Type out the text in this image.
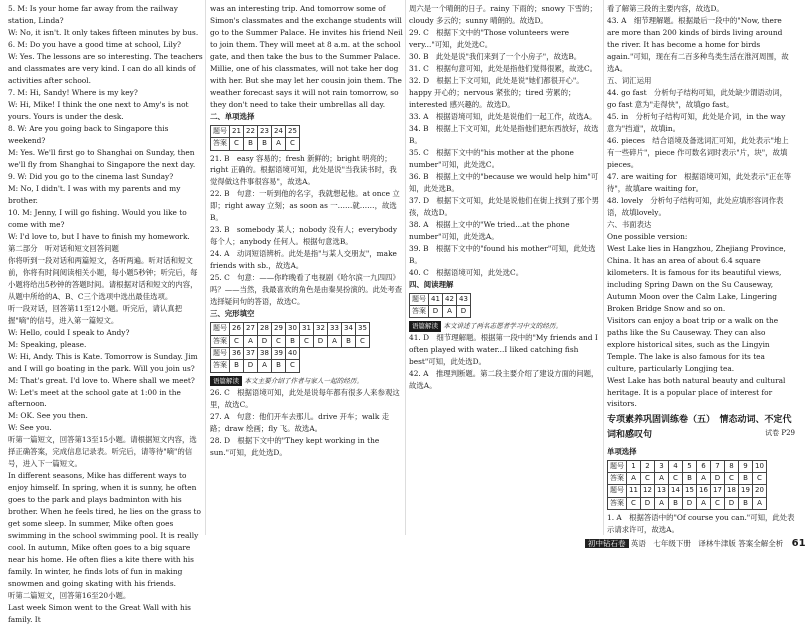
5. M: Is your home far away from the railway station, Linda?

W: No, it isn't. It only takes fifteen minutes by bus.

6. M: Do you have a good time at school, Lily?

W: Yes. The lessons are so interesting. The teachers and classmates are very kind. I can do all kinds of activities after school.

7. M: Hi, Sandy! Where is my key?

W: Hi, Mike! I think the one next to Amy's is not yours. Yours is under the desk.

8. W: Are you going back to Singapore this weekend?

M: Yes. We'll first go to Shanghai on Sunday, then we'll fly from Shanghai to Singapore the next day.

9. W: Did you go to the cinema last Sunday?

M: No, I didn't. I was with my parents and my brother.

10. M: Jenny, I will go fishing. Would you like to come with me?

W: I'd love to, but I have to finish my homework.

第二部分　听对话和短文回答问题

你将听到一段对话和两篇短文，各听两遍。听对话和短文前，你将有时间阅读相关小题，每小题5秒钟；听完后，每小题将给出5秒钟的答题时间。请根据对话和短文的内容，从题中所给的A、B、C三个选项中选出最佳选项。

听一段对话，回答第11至12小题。听完后，请认真把握"嘀"的信号，进入第一篇短文。

W: Hello, could I speak to Andy?

M: Speaking, please.

W: Hi, Andy. This is Kate. Tomorrow is Sunday. Jim and I will go boating in the park. Will you join us?

M: That's great. I'd love to. Where shall we meet?

W: Let's meet at the school gate at 1:00 in the afternoon.

M: OK. See you then.

W: See you.

听第一篇短文，回答第13至15小题。请根据短文内容，选择正确答案，完成信息记录表。听完后，请等待"嘀"的信号，进入下一篇短文。

In different seasons, Mike has different ways to enjoy himself. In spring, when it is sunny, he often goes to the park and plays badminton with his brother. When he feels tired, he lies on the grass to get some sleep. In summer, Mike often goes swimming in the school swimming pool. It is really cool. In autumn, Mike often goes to a big square near his home. He often flies a kite there with his family. In winter, he finds lots of fun in making snowmen and going skating with his friends.

听第二篇短文，回答第16至20小题。

Last week Simon went to the Great Wall with his family. It

was an interesting trip. And tomorrow some of Simon's classmates and the exchange students will go to the Summer Palace. He invites his friend Neil to join them. They will meet at 8 a.m. at the school gate, and then take the bus to the Summer Palace. Millie, one of his classmates, will not take her dog with her. But she may let her cousin join them. The weather forecast says it will not rain tomorrow, so they don't need to take their umbrellas all day.

二、单项选择

题号	21	22	23	24	25
答案	C	B	B	A	C

21. B　easy 容易的；fresh 新鲜的；bright 明亮的；right 正确的。根据语境可知，此处是说"当我读书时，我觉得做这件事很容易"，故选A。

22. B　句意：一听到他的名字，我就想起他。at once 立即；right away 立刻；as soon as 一……就……，故选B。

23. B　somebody 某人；nobody 没有人；everybody 每个人；anybody 任何人。根据句意选B。

24. A　动词短语辨析。此处是指"与某人交朋友"，make friends with sb.，故选A。

25. C　句意：——你昨晚看了电视剧《哈尔滨一九四四》吗？——当然，我最喜欢的角色是由秦昊扮演的。此处考查选择疑问句的答语，故选C。

三、完形填空

题号	26	27	28	29	30	31	32	33	34	35
答案	C	A	D	C	B	C	D	A	B	C
题号	36	37	38	39	40					
答案	B	D	A	B	C					

语篇解读 本文主要介绍了作者与家人一起的经历。

26. C　根据语境可知，此处是说每年都有很多人来参观这里，故选C。

27. A　句意：他们开车去那儿。drive 开车；walk 走路；draw 绘画；fly 飞。故选A。

28. D　根据下文中的"They kept working in the sun."可知，此处选D。

周六是一个晴朗的日子。rainy 下雨的；snowy 下雪的；cloudy 多云的；sunny 晴朗的。故选D。

29. C　根据下文中的"Those volunteers were very..."可知，此处选C。

30. B　此处是说"我们来到了一个小房子"，故选B。

31. C　根据句意可知，此处是指他们觉得很累，故选C。

32. D　根据上下文可知，此处是说"她们都很开心"。happy 开心的；nervous 紧张的；tired 劳累的；interested 感兴趣的。故选D。

33. A　根据语境可知，此处是说他们一起工作，故选A。

34. B　根据上下文可知，此处是指他们把东西放好，故选B。

35. C　根据下文中的"his mother at the phone number"可知，此处选C。

36. B　根据上文中的"because we would help him"可知，此处选B。

37. D　根据下文可知，此处是说他们在街上找到了那个男孩，故选D。

38. A　根据上文中的"We tried...at the phone number"可知，此处选A。

39. B　根据下文中的"found his mother"可知，此处选B。

40. C　根据语境可知，此处选C。

四、阅读理解

题号	41	42	43
答案	D	A	D

语篇解读 本文讲述了两名志愿者学习中文的经历。

41. D　细节理解题。根据第一段中的"My friends and I often played with water...I liked catching fish best"可知，此处选D。

42. A　推理判断题。第二段主要介绍了建设方面的问题，故选A。

看了解第三段的主要内容，故选D。

43. A　细节理解题。根据最后一段中的"Now, there are more than 200 kinds of birds living around the river. It has become a home for birds again."可知，现在有二百多种鸟类生活在淮河周围，故选A。

五、词汇运用

44. go fast　分析句子结构可知，此处缺少谓语动词，go fast 意为"走得快"，故填go fast。

45. in　分析句子结构可知，此处是介词，in the way 意为"挡道"，故填in。

46. pieces　结合语境及备选词汇可知，此处表示"地上有一些碎片"，piece 作可数名词时表示"片，块"，故填pieces。

47. are waiting for　根据语境可知，此处表示"正在等待"，故填are waiting for。

48. lovely　分析句子结构可知，此处应填形容词作表语，故填lovely。

六、书面表达

One possible version:

West Lake lies in Hangzhou, Zhejiang Province, China. It has an area of about 6.4 square kilometers. It is famous for its beautiful views, including Spring Dawn on the Su Causeway, Autumn Moon over the Calm Lake, Lingering Broken Bridge Snow and so on.

Visitors can enjoy a boat trip or a walk on the paths like the Su Causeway. They can also explore historical sites, such as the Lingyin Temple. The lake is also famous for its tea culture, particularly Longjing tea.

West Lake has both natural beauty and cultural heritage. It is a popular place of interest for visitors.

专项素养巩固训练卷（五）　情态动词、不定代词和感叹句	试卷 P29

单项选择

题号	1	2	3	4	5	6	7	8	9	10
答案	A	C	A	C	B	A	D	C	B	C
题号	11	12	13	14	15	16	17	18	19	20
答案	C	D	A	B	D	A	C	D	B	A

1. A　根据答语中的"Of course you can."可知，此处表示请求许可，故选A。

初中钻石卷 英语　七年级下册　译林牛津版 答案全解全析 61
